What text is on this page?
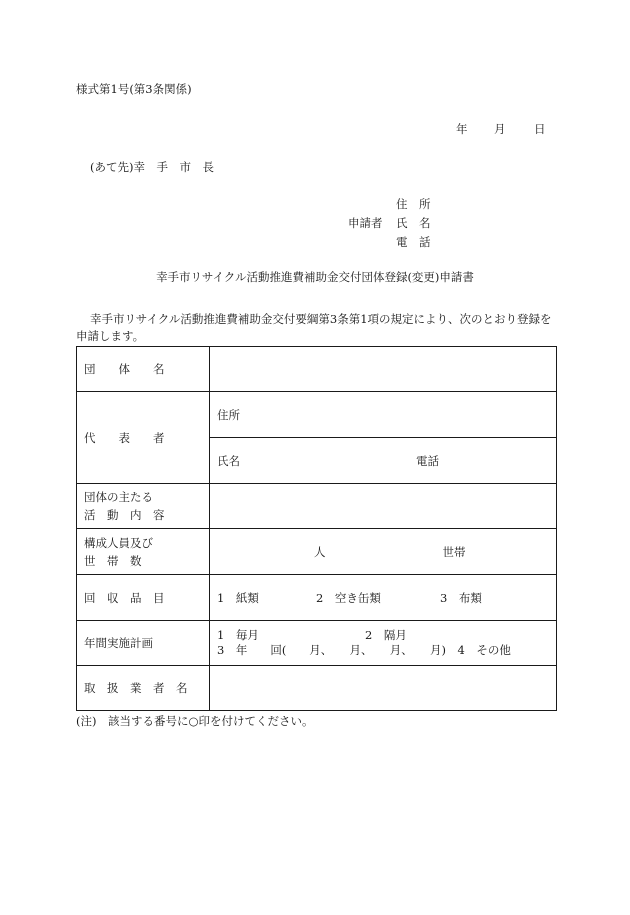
様式第1号(第3条関係)
年 月 日
(あて先)幸　手　市　長
住　所
申請者 氏　名
電　話
幸手市リサイクル活動推進費補助金交付団体登録(変更)申請書
幸手市リサイクル活動推進費補助金交付要綱第3条第1項の規定により、次のとおり登録を申請します。
団　　体　　名	
代　　表　　者	住所
	氏名 電話

団体の主たる
活　動　内　容	

構成人員及び
世　帯　数	人 世帯
回　収　品　目	1　紙類 2　空き缶類 3　布類
年間実施計画	1　毎月 2　隔月
3　年　　回(　　月、　　月、　　月、　　月)  4　その他

取　扱　業　者　名	
(注)　該当する番号に○印を付けてください。
